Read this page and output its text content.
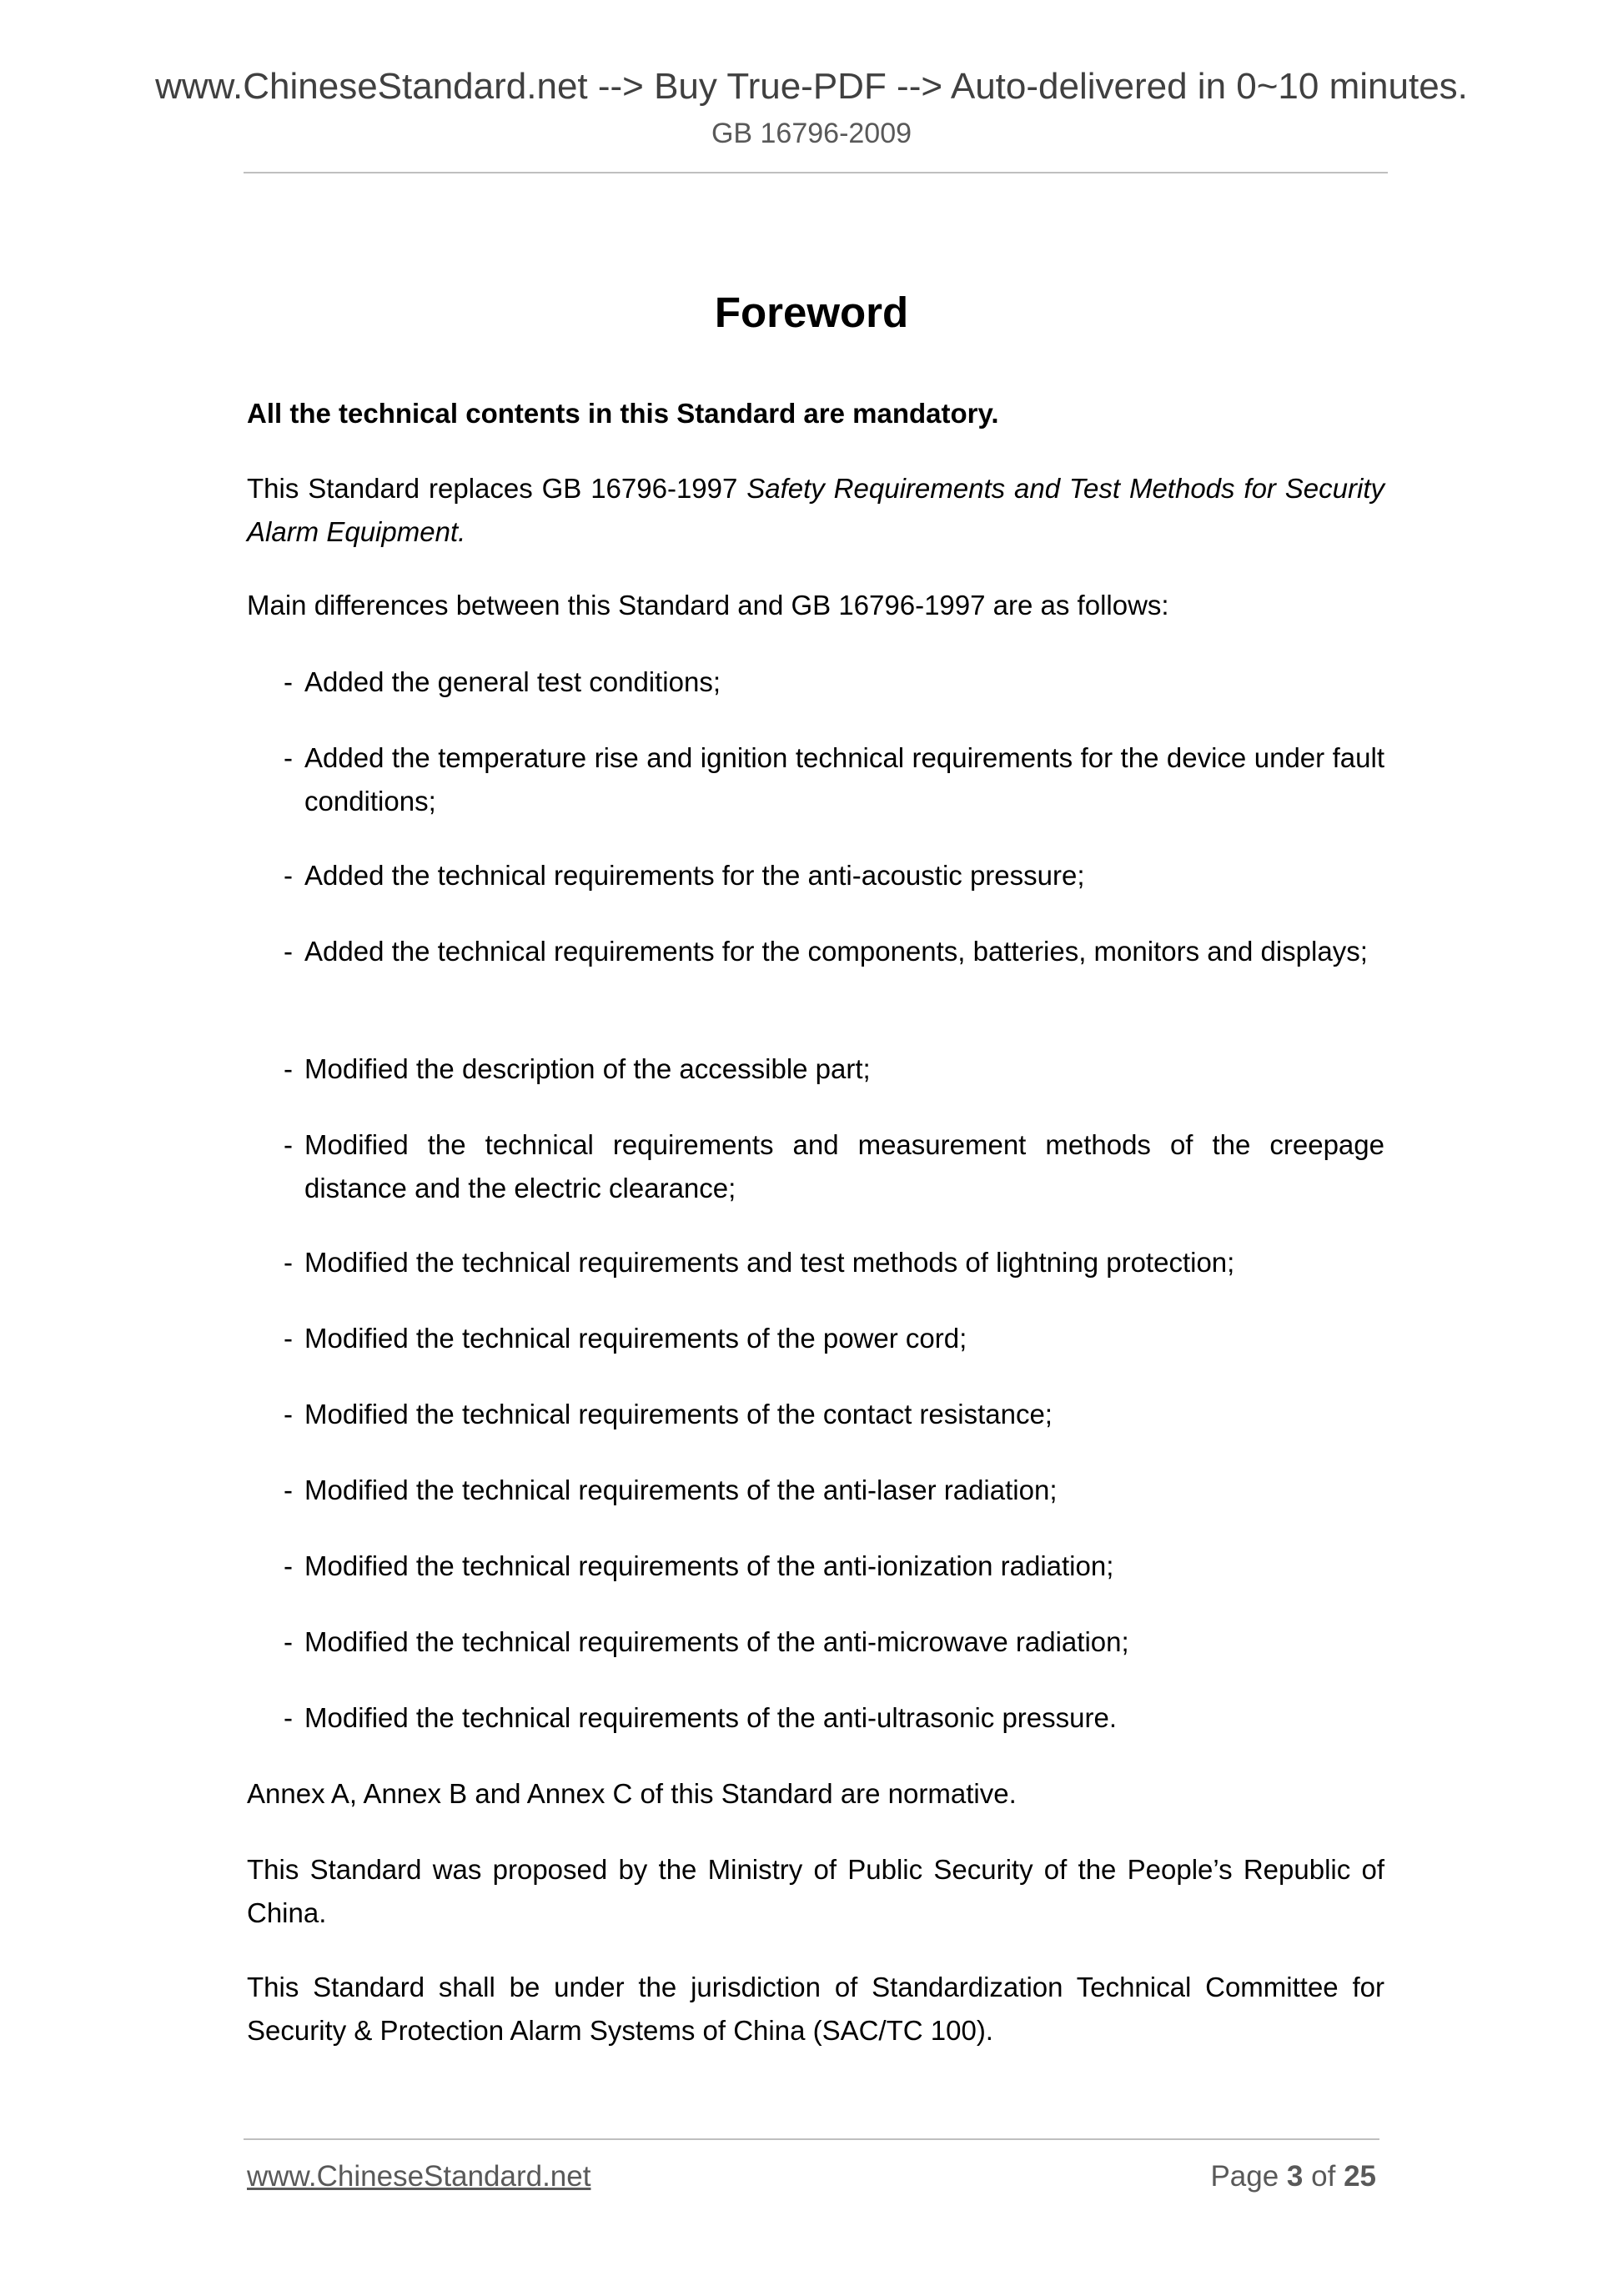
www.ChineseStandard.net --> Buy True-PDF --> Auto-delivered in 0~10 minutes.
GB 16796-2009
Foreword

All the technical contents in this Standard are mandatory.

This Standard replaces GB 16796-1997 Safety Requirements and Test Methods for Security Alarm Equipment.

Main differences between this Standard and GB 16796-1997 are as follows:

- Added the general test conditions;
- Added the temperature rise and ignition technical requirements for the device under fault conditions;
- Added the technical requirements for the anti-acoustic pressure;
- Added the technical requirements for the components, batteries, monitors and displays;
- Modified the description of the accessible part;
- Modified the technical requirements and measurement methods of the creepage distance and the electric clearance;
- Modified the technical requirements and test methods of lightning protection;
- Modified the technical requirements of the power cord;
- Modified the technical requirements of the contact resistance;
- Modified the technical requirements of the anti-laser radiation;
- Modified the technical requirements of the anti-ionization radiation;
- Modified the technical requirements of the anti-microwave radiation;
- Modified the technical requirements of the anti-ultrasonic pressure.

Annex A, Annex B and Annex C of this Standard are normative.

This Standard was proposed by the Ministry of Public Security of the People’s Republic of China.

This Standard shall be under the jurisdiction of Standardization Technical Committee for Security & Protection Alarm Systems of China (SAC/TC 100).

www.ChineseStandard.net	Page 3 of 25
